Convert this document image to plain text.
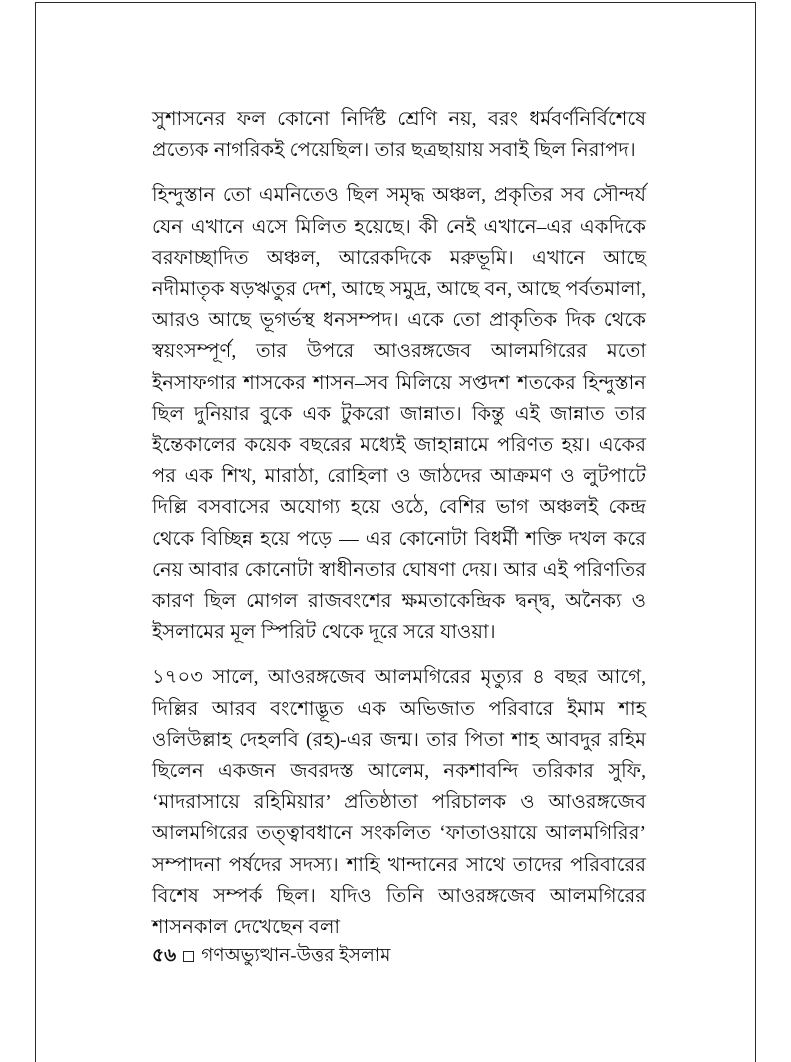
সুশাসনের ফল কোনো নির্দিষ্ট শ্রেণি নয়, বরং ধর্মবর্ণনির্বিশেষে প্রত্যেক নাগরিকই পেয়েছিল। তার ছত্রছায়ায় সবাই ছিল নিরাপদ।

হিন্দুস্তান তো এমনিতেও ছিল সমৃদ্ধ অঞ্চল, প্রকৃতির সব সৌন্দর্য যেন এখানে এসে মিলিত হয়েছে। কী নেই এখানে–এর একদিকে বরফাচ্ছাদিত অঞ্চল, আরেকদিকে মরুভূমি। এখানে আছে নদীমাতৃক ষড়ঋতুর দেশ, আছে সমুদ্র, আছে বন, আছে পর্বতমালা, আরও আছে ভূগর্ভস্থ ধনসম্পদ। একে তো প্রাকৃতিক দিক থেকে স্বয়ংসম্পূর্ণ, তার উপরে আওরঙ্গজেব আলমগিরের মতো ইনসাফগার শাসকের শাসন–সব মিলিয়ে সপ্তদশ শতকের হিন্দুস্তান ছিল দুনিয়ার বুকে এক টুকরো জান্নাত। কিন্তু এই জান্নাত তার ইন্তেকালের কয়েক বছরের মধ্যেই জাহান্নামে পরিণত হয়। একের পর এক শিখ, মারাঠা, রোহিলা ও জাঠদের আক্রমণ ও লুটপাটে দিল্লি বসবাসের অযোগ্য হয়ে ওঠে, বেশির ভাগ অঞ্চলই কেন্দ্র থেকে বিচ্ছিন্ন হয়ে পড়ে — এর কোনোটা বিধর্মী শক্তি দখল করে নেয় আবার কোনোটা স্বাধীনতার ঘোষণা দেয়। আর এই পরিণতির কারণ ছিল মোগল রাজবংশের ক্ষমতাকেন্দ্রিক দ্বন্দ্ব, অনৈক্য ও ইসলামের মূল স্পিরিট থেকে দূরে সরে যাওয়া।

১৭০৩ সালে, আওরঙ্গজেব আলমগিরের মৃত্যুর ৪ বছর আগে, দিল্লির আরব বংশোদ্ভূত এক অভিজাত পরিবারে ইমাম শাহ ওলিউল্লাহ দেহলবি (রহ)-এর জন্ম। তার পিতা শাহ আবদুর রহিম ছিলেন একজন জবরদস্ত আলেম, নকশাবন্দি তরিকার সুফি, ‘মাদরাসায়ে রহিমিয়ার’ প্রতিষ্ঠাতা পরিচালক ও আওরঙ্গজেব আলমগিরের তত্ত্বাবধানে সংকলিত ‘ফাতাওয়ায়ে আলমগিরির’ সম্পাদনা পর্ষদের সদস্য। শাহি খান্দানের সাথে তাদের পরিবারের বিশেষ সম্পর্ক ছিল। যদিও তিনি আওরঙ্গজেব আলমগিরের শাসনকাল দেখেছেন বলা

৫৬ গণঅভ্যুত্থান-উত্তর ইসলাম
